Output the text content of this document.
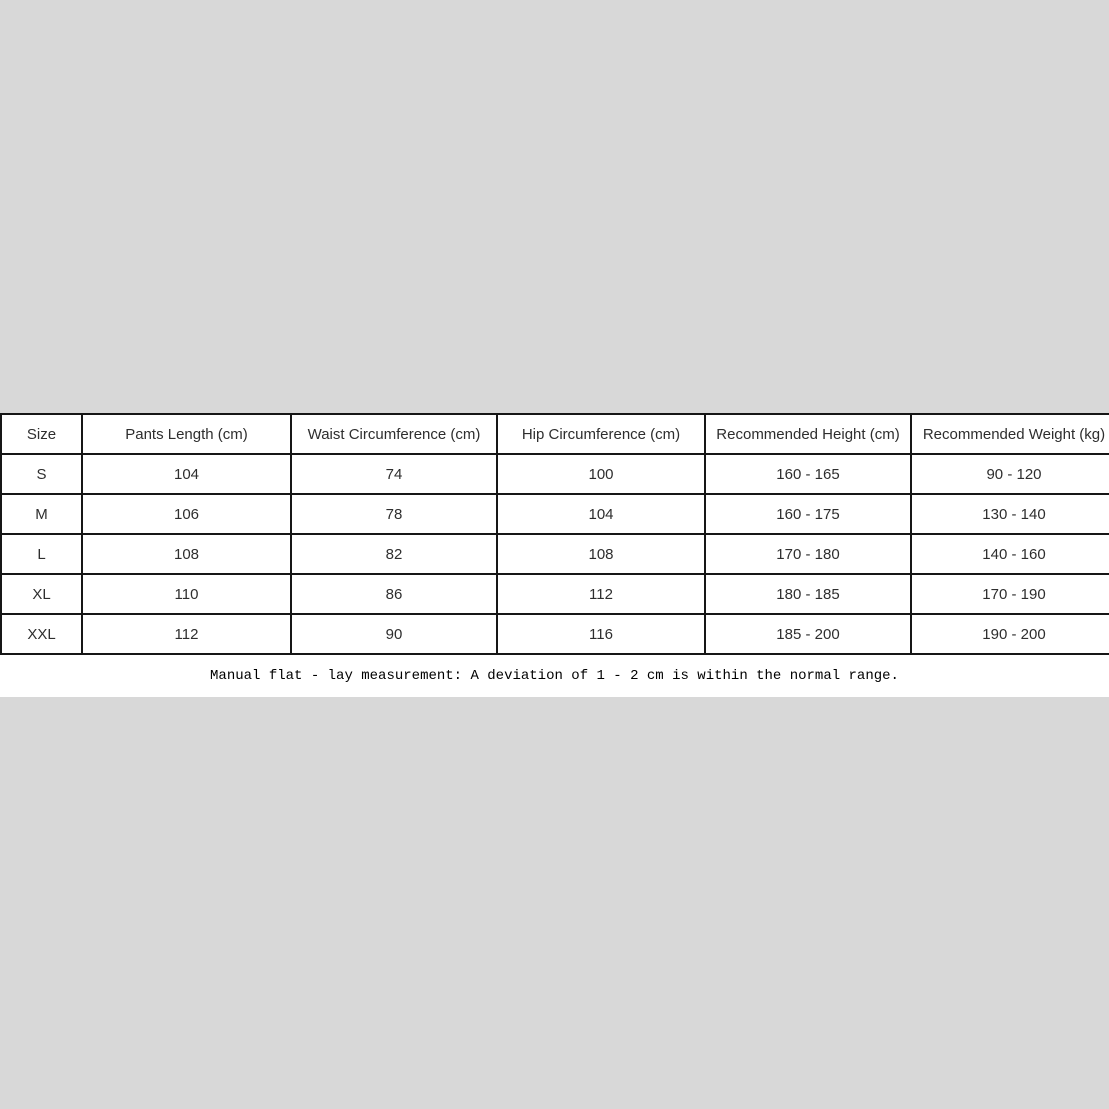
Size	Pants Length (cm)	Waist Circumference (cm)	Hip Circumference (cm)	Recommended Height (cm)	Recommended Weight (kg)
S	104	74	100	160 - 165	90 - 120
M	106	78	104	160 - 175	130 - 140
L	108	82	108	170 - 180	140 - 160
XL	110	86	112	180 - 185	170 - 190
XXL	112	90	116	185 - 200	190 - 200
Manual flat - lay measurement: A deviation of 1 - 2 cm is within the normal range.
